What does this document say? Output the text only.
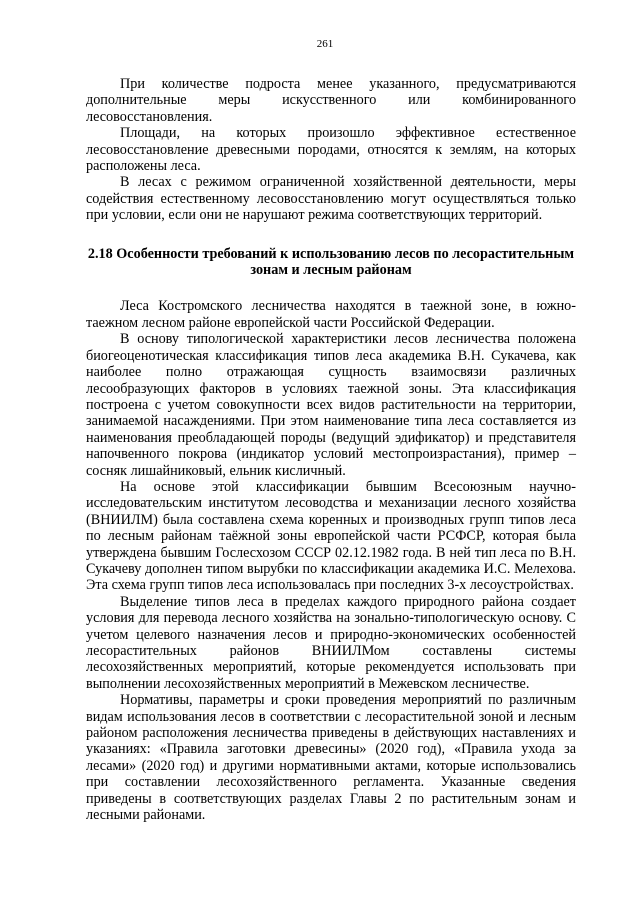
261

При количестве подроста менее указанного, предусматриваются дополнительные меры искусственного или комбинированного лесовосстановления.

Площади, на которых произошло эффективное естественное лесовосстановление древесными породами, относятся к землям, на которых расположены леса.

В лесах с режимом ограниченной хозяйственной деятельности, меры содействия естественному лесовосстановлению могут осуществляться только при условии, если они не нарушают режима соответствующих территорий.

2.18 Особенности требований к использованию лесов по лесорастительным зонам и лесным районам

Леса Костромского лесничества находятся в таежной зоне, в южно-таежном лесном районе европейской части Российской Федерации.

В основу типологической характеристики лесов лесничества положена биогеоценотическая классификация типов леса академика В.Н. Сукачева, как наиболее полно отражающая сущность взаимосвязи различных лесообразующих факторов в условиях таежной зоны. Эта классификация построена с учетом совокупности всех видов растительности на территории, занимаемой насаждениями. При этом наименование типа леса составляется из наименования преобладающей породы (ведущий эдификатор) и представителя напочвенного покрова (индикатор условий местопроизрастания), пример – сосняк лишайниковый, ельник кисличный.

На основе этой классификации бывшим Всесоюзным научно-исследовательским институтом лесоводства и механизации лесного хозяйства (ВНИИЛМ) была составлена схема коренных и производных групп типов леса по лесным районам таёжной зоны европейской части РСФСР, которая была утверждена бывшим Гослесхозом СССР 02.12.1982 года. В ней тип леса по В.Н. Сукачеву дополнен типом вырубки по классификации академика И.С. Мелехова. Эта схема групп типов леса использовалась при последних 3-х лесоустройствах.

Выделение типов леса в пределах каждого природного района создает условия для перевода лесного хозяйства на зонально-типологическую основу. С учетом целевого назначения лесов и природно-экономических особенностей лесорастительных районов ВНИИЛМом составлены системы лесохозяйственных мероприятий, которые рекомендуется использовать при выполнении лесохозяйственных мероприятий в Межевском лесничестве.

Нормативы, параметры и сроки проведения мероприятий по различным видам использования лесов в соответствии с лесорастительной зоной и лесным районом расположения лесничества приведены в действующих наставлениях и указаниях: «Правила заготовки древесины» (2020 год), «Правила ухода за лесами» (2020 год) и другими нормативными актами, которые использовались при составлении лесохозяйственного регламента. Указанные сведения приведены в соответствующих разделах Главы 2 по растительным зонам и лесными районами.
